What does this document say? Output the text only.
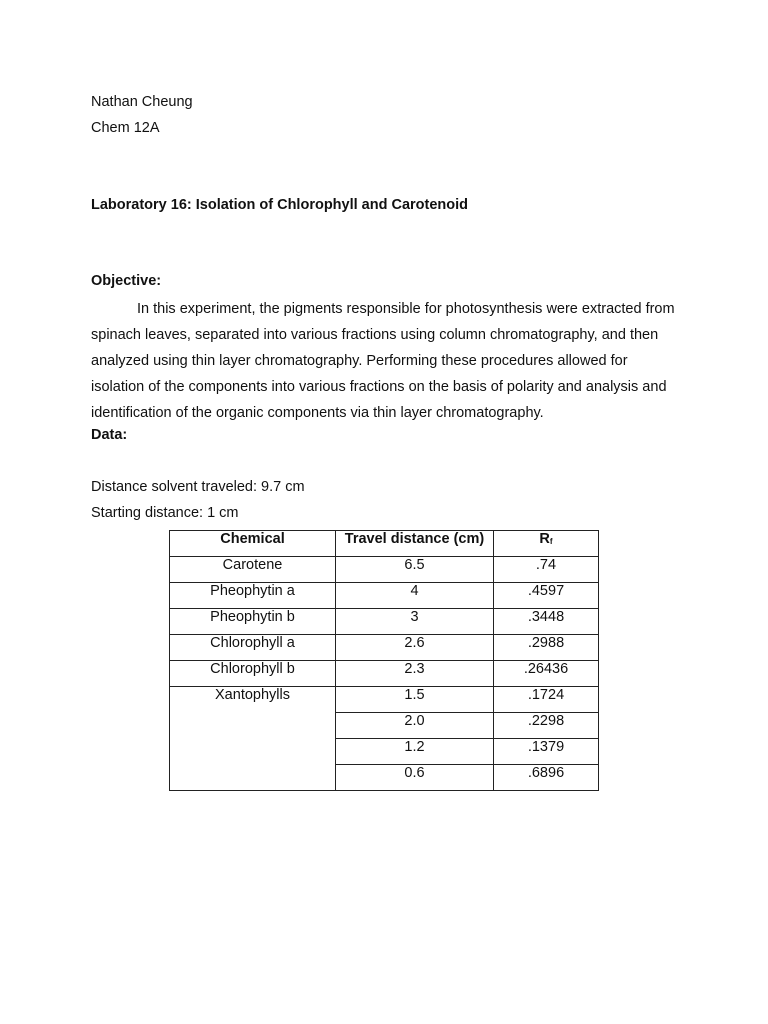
Nathan Cheung
Chem 12A
Laboratory 16: Isolation of Chlorophyll and Carotenoid
Objective:
In this experiment, the pigments responsible for photosynthesis were extracted from spinach leaves, separated into various fractions using column chromatography, and then analyzed using thin layer chromatography. Performing these procedures allowed for isolation of the components into various fractions on the basis of polarity and analysis and identification of the organic components via thin layer chromatography.
Data:
Distance solvent traveled: 9.7 cm
Starting distance: 1 cm
Chemical	Travel distance (cm)	$R_f$
Carotene	6.5	.74
Pheophytin a	4	.4597
Pheophytin b	3	.3448
Chlorophyll a	2.6	.2988
Chlorophyll b	2.3	.26436
Xantophylls	1.5	.1724
	2.0	.2298
	1.2	.1379
	0.6	.6896
